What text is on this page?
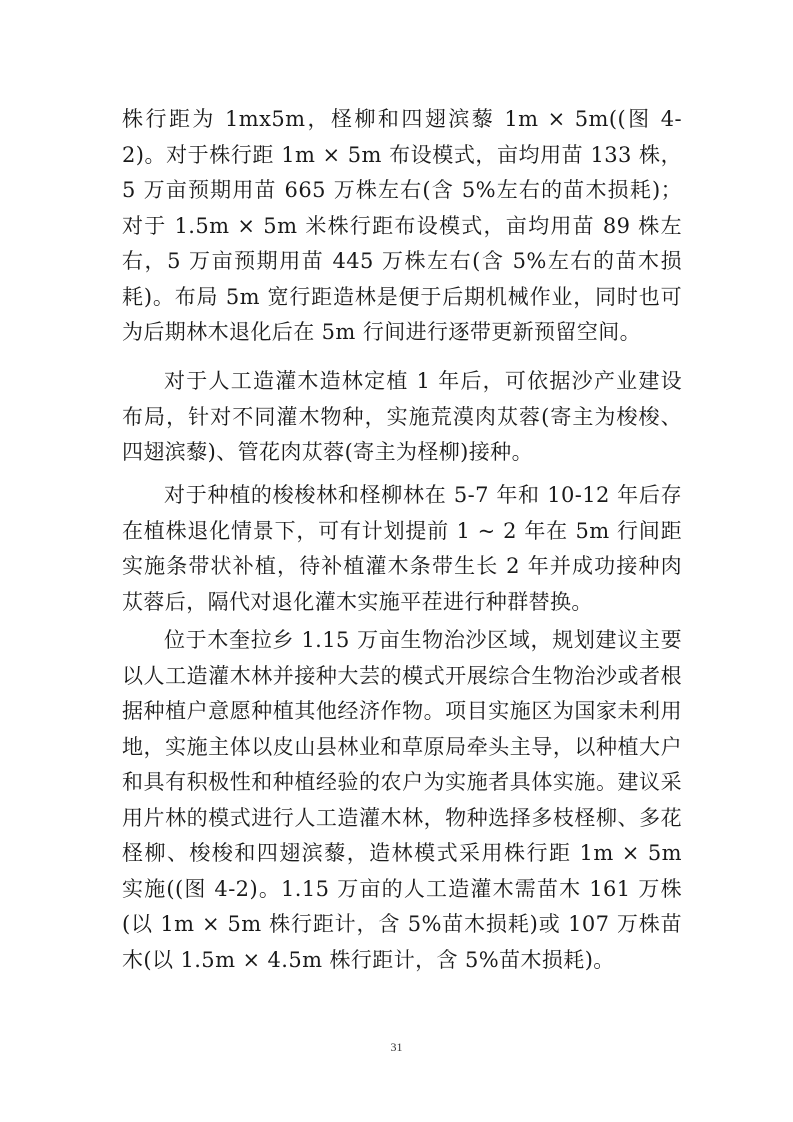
株行距为 1mx5m，柽柳和四翅滨藜 1m × 5m((图 4-2)。对于株行距 1m × 5m 布设模式，亩均用苗 133 株，5 万亩预期用苗 665 万株左右(含 5%左右的苗木损耗)； 对于 1.5m × 5m 米株行距布设模式，亩均用苗 89 株左右，5 万亩预期用苗 445 万株左右(含 5%左右的苗木损耗)。布局 5m 宽行距造林是便于后期机械作业，同时也可为后期林木退化后在 5m 行间进行逐带更新预留空间。

对于人工造灌木造林定植 1 年后，可依据沙产业建设布局，针对不同灌木物种，实施荒漠肉苁蓉(寄主为梭梭、四翅滨藜)、管花肉苁蓉(寄主为柽柳)接种。

对于种植的梭梭林和柽柳林在 5-7 年和 10-12 年后存在植株退化情景下，可有计划提前 1 ~ 2 年在 5m 行间距实施条带状补植，待补植灌木条带生长 2 年并成功接种肉苁蓉后，隔代对退化灌木实施平茬进行种群替换。

位于木奎拉乡 1.15 万亩生物治沙区域，规划建议主要以人工造灌木林并接种大芸的模式开展综合生物治沙或者根据种植户意愿种植其他经济作物。项目实施区为国家未利用地，实施主体以皮山县林业和草原局牵头主导，以种植大户和具有积极性和种植经验的农户为实施者具体实施。建议采用片林的模式进行人工造灌木林，物种选择多枝柽柳、多花柽柳、梭梭和四翅滨藜，造林模式采用株行距 1m × 5m 实施((图 4-2)。1.15 万亩的人工造灌木需苗木 161 万株(以 1m × 5m 株行距计，含 5%苗木损耗)或 107 万株苗木(以 1.5m × 4.5m 株行距计，含 5%苗木损耗)。

31
